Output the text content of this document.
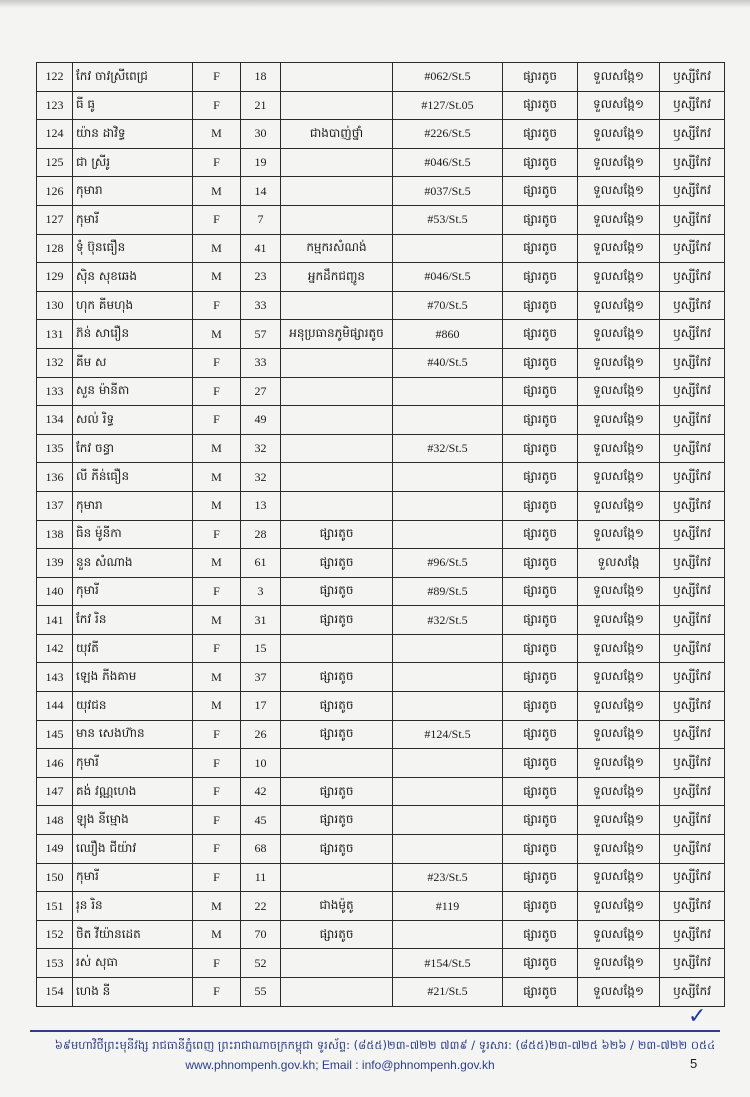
122	កែវ ចាវស្រីពេជ្រ	F	18		#062/St.5	ផ្សារតូច	ទួលសង្កែ១	ឫស្សីកែវ
123	ធី ធូ	F	21		#127/St.05	ផ្សារតូច	ទួលសង្កែ១	ឫស្សីកែវ
124	យ៉ាន ដាវិទ្ធ	M	30	ជាងបាញ់ថ្នាំ	#226/St.5	ផ្សារតូច	ទួលសង្កែ១	ឫស្សីកែវ
125	ជា ស្រីរូ	F	19		#046/St.5	ផ្សារតូច	ទួលសង្កែ១	ឫស្សីកែវ
126	កុមារា	M	14		#037/St.5	ផ្សារតូច	ទួលសង្កែ១	ឫស្សីកែវ
127	កុមារី	F	7		#53/St.5	ផ្សារតូច	ទួលសង្កែ១	ឫស្សីកែវ
128	ទុំ ប៊ុនធឿន	M	41	កម្មករសំណង់		ផ្សារតូច	ទួលសង្កែ១	ឫស្សីកែវ
129	ស៊ិន សុខឆេង	M	23	អ្នកដឹកជញ្ជូន	#046/St.5	ផ្សារតូច	ទួលសង្កែ១	ឫស្សីកែវ
130	ហុក គីមហុង	F	33		#70/St.5	ផ្សារតូច	ទួលសង្កែ១	ឫស្សីកែវ
131	ភ៊ន់ សារឿន	M	57	អនុប្រធានភូមិផ្សារតូច	#860	ផ្សារតូច	ទួលសង្កែ១	ឫស្សីកែវ
132	គីម ស	F	33		#40/St.5	ផ្សារតូច	ទួលសង្កែ១	ឫស្សីកែវ
133	សួន ម៉ានីតា	F	27			ផ្សារតូច	ទួលសង្កែ១	ឫស្សីកែវ
134	សល់ រិទ្ធ	F	49			ផ្សារតូច	ទួលសង្កែ១	ឫស្សីកែវ
135	កែវ ចន្ធា	M	32		#32/St.5	ផ្សារតូច	ទួលសង្កែ១	ឫស្សីកែវ
136	លី ភីន់ធឿន	M	32			ផ្សារតូច	ទួលសង្កែ១	ឫស្សីកែវ
137	កុមារា	M	13			ផ្សារតូច	ទួលសង្កែ១	ឫស្សីកែវ
138	ធិន ម៉ូនីកា	F	28	ផ្សារតូច		ផ្សារតូច	ទួលសង្កែ១	ឫស្សីកែវ
139	នួន សំណាង	M	61	ផ្សារតូច	#96/St.5	ផ្សារតូច	ទួលសង្កែ	ឫស្សីកែវ
140	កុមារី	F	3	ផ្សារតូច	#89/St.5	ផ្សារតូច	ទួលសង្កែ១	ឫស្សីកែវ
141	កែវ រិន	M	31	ផ្សារតូច	#32/St.5	ផ្សារតូច	ទួលសង្កែ១	ឫស្សីកែវ
142	យុវតី	F	15			ផ្សារតូច	ទួលសង្កែ១	ឫស្សីកែវ
143	ឡេង ភីងគាម	M	37	ផ្សារតូច		ផ្សារតូច	ទួលសង្កែ១	ឫស្សីកែវ
144	យុវជន	M	17	ផ្សារតូច		ផ្សារតូច	ទួលសង្កែ១	ឫស្សីកែវ
145	មាន សេងហ៊ាន	F	26	ផ្សារតូច	#124/St.5	ផ្សារតូច	ទួលសង្កែ១	ឫស្សីកែវ
146	កុមារី	F	10			ផ្សារតូច	ទួលសង្កែ១	ឫស្សីកែវ
147	គង់ វណ្ណហេង	F	42	ផ្សារតូច		ផ្សារតូច	ទួលសង្កែ១	ឫស្សីកែវ
148	ឡុង នីម្មោង	F	45	ផ្សារតូច		ផ្សារតូច	ទួលសង្កែ១	ឫស្សីកែវ
149	ឈឿង ជីយ៉ាវ	F	68	ផ្សារតូច		ផ្សារតូច	ទួលសង្កែ១	ឫស្សីកែវ
150	កុមារី	F	11		#23/St.5	ផ្សារតូច	ទួលសង្កែ១	ឫស្សីកែវ
151	រុន រិន	M	22	ជាងម៉ូតូ	#119	ផ្សារតូច	ទួលសង្កែ១	ឫស្សីកែវ
152	ថិត វីយ៉ានដេត	M	70	ផ្សារតូច		ផ្សារតូច	ទួលសង្កែ១	ឫស្សីកែវ
153	រស់ សុធា	F	52		#154/St.5	ផ្សារតូច	ទួលសង្កែ១	ឫស្សីកែវ
154	ហេង នី	F	55		#21/St.5	ផ្សារតូច	ទួលសង្កែ១	ឫស្សីកែវ
✓
៦៩មហាវិថីព្រះមុនីវង្ស រាជធានីភ្នំពេញ ព្រះរាជាណាចក្រកម្ពុជា ទូរស័ព្ទ: (៨៥៥)២៣-៧២២ ៧៣៩ / ទូរសារ: (៨៥៥)២៣-៧២៥ ៦២៦ / ២៣-៧២២ ០៥៤
www.phnompenh.gov.kh; Email : info@phnompenh.gov.kh	5
